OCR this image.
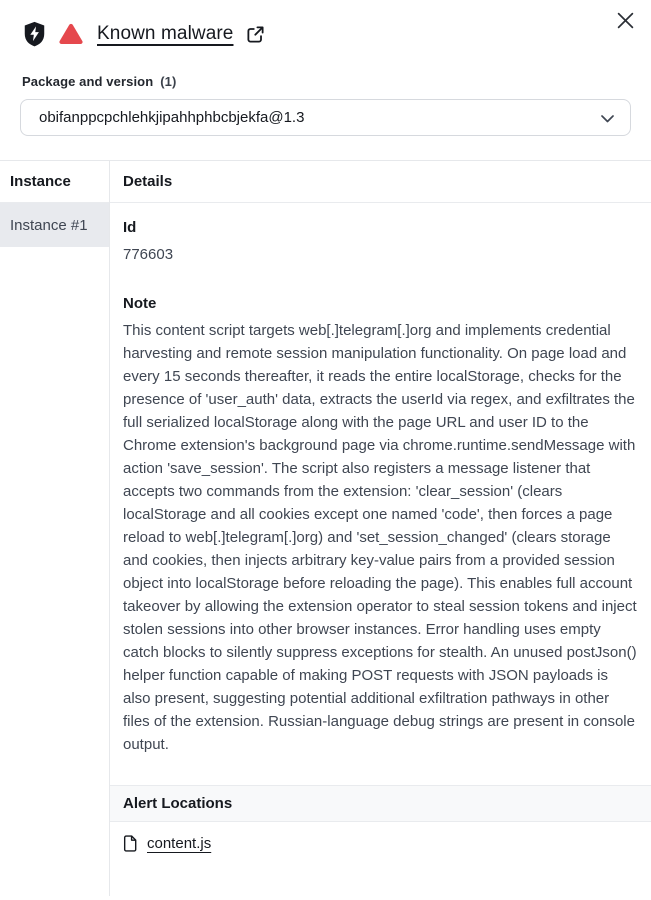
Known malware
Package and version (1)
obifanppcpchlehkjipahhphbcbjekfa@1.3
Instance
Instance #1
Details
Id
776603
Note
This content script targets web[.]telegram[.]org and implements credential harvesting and remote session manipulation functionality. On page load and every 15 seconds thereafter, it reads the entire localStorage, checks for the presence of 'user_auth' data, extracts the userId via regex, and exfiltrates the full serialized localStorage along with the page URL and user ID to the Chrome extension's background page via chrome.runtime.sendMessage with action 'save_session'. The script also registers a message listener that accepts two commands from the extension: 'clear_session' (clears localStorage and all cookies except one named 'code', then forces a page reload to web[.]telegram[.]org) and 'set_session_changed' (clears storage and cookies, then injects arbitrary key-value pairs from a provided session object into localStorage before reloading the page). This enables full account takeover by allowing the extension operator to steal session tokens and inject stolen sessions into other browser instances. Error handling uses empty catch blocks to silently suppress exceptions for stealth. An unused postJson() helper function capable of making POST requests with JSON payloads is also present, suggesting potential additional exfiltration pathways in other files of the extension. Russian-language debug strings are present in console output.
Alert Locations
content.js
